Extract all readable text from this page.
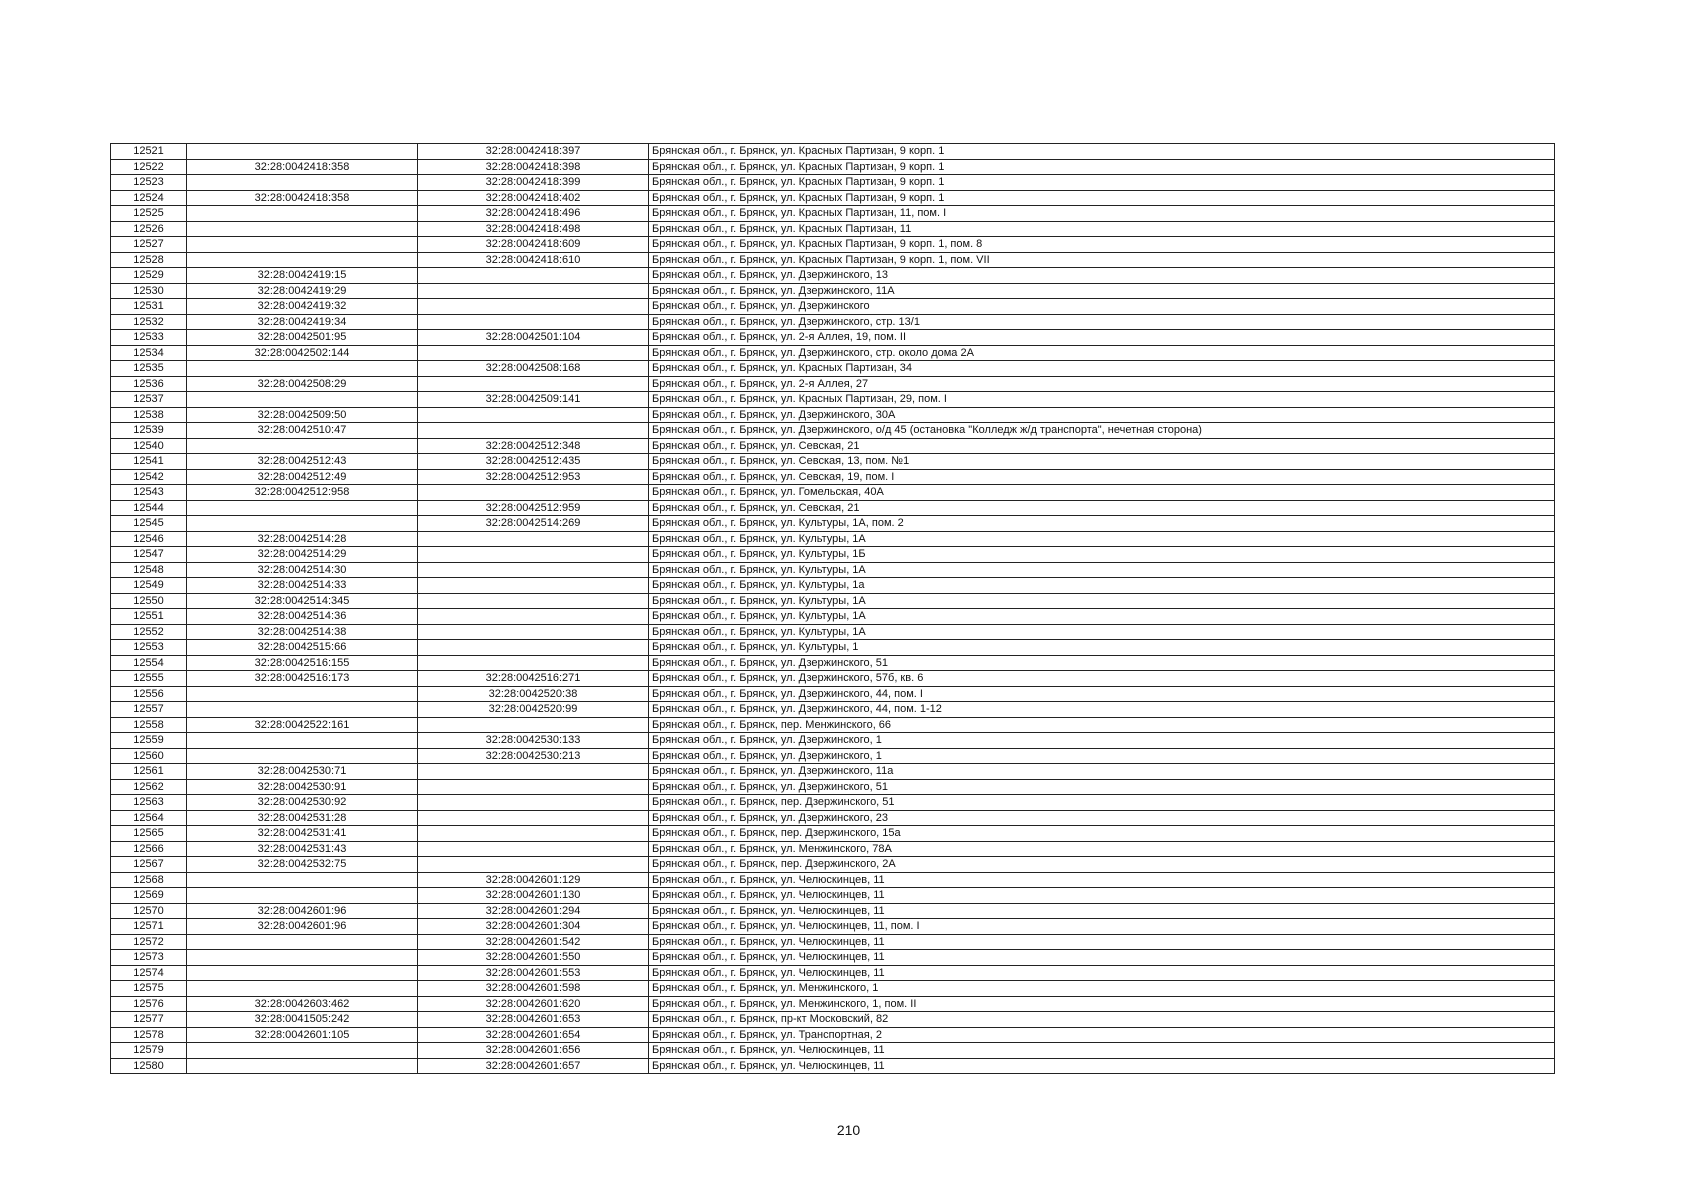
12521		32:28:0042418:397	Брянская обл., г. Брянск, ул. Красных Партизан, 9 корп. 1
12522	32:28:0042418:358	32:28:0042418:398	Брянская обл., г. Брянск, ул. Красных Партизан, 9 корп. 1
12523		32:28:0042418:399	Брянская обл., г. Брянск, ул. Красных Партизан, 9 корп. 1
12524	32:28:0042418:358	32:28:0042418:402	Брянская обл., г. Брянск, ул. Красных Партизан, 9 корп. 1
12525		32:28:0042418:496	Брянская обл., г. Брянск, ул. Красных Партизан, 11, пом. I
12526		32:28:0042418:498	Брянская обл., г. Брянск, ул. Красных Партизан, 11
12527		32:28:0042418:609	Брянская обл., г. Брянск, ул. Красных Партизан, 9 корп. 1, пом. 8
12528		32:28:0042418:610	Брянская обл., г. Брянск, ул. Красных Партизан, 9 корп. 1, пом. VII
12529	32:28:0042419:15		Брянская обл., г. Брянск, ул. Дзержинского, 13
12530	32:28:0042419:29		Брянская обл., г. Брянск, ул. Дзержинского, 11А
12531	32:28:0042419:32		Брянская обл., г. Брянск, ул. Дзержинского
12532	32:28:0042419:34		Брянская обл., г. Брянск, ул. Дзержинского, стр. 13/1
12533	32:28:0042501:95	32:28:0042501:104	Брянская обл., г. Брянск, ул. 2-я Аллея, 19, пом. II
12534	32:28:0042502:144		Брянская обл., г. Брянск, ул. Дзержинского, стр. около дома 2А
12535		32:28:0042508:168	Брянская обл., г. Брянск, ул. Красных Партизан, 34
12536	32:28:0042508:29		Брянская обл., г. Брянск, ул. 2-я Аллея, 27
12537		32:28:0042509:141	Брянская обл., г. Брянск, ул. Красных Партизан, 29, пом. I
12538	32:28:0042509:50		Брянская обл., г. Брянск, ул. Дзержинского, 30А
12539	32:28:0042510:47		Брянская обл., г. Брянск, ул. Дзержинского, о/д 45 (остановка "Колледж ж/д транспорта", нечетная сторона)
12540		32:28:0042512:348	Брянская обл., г. Брянск, ул. Севская, 21
12541	32:28:0042512:43	32:28:0042512:435	Брянская обл., г. Брянск, ул. Севская, 13, пом. №1
12542	32:28:0042512:49	32:28:0042512:953	Брянская обл., г. Брянск, ул. Севская, 19, пом. I
12543	32:28:0042512:958		Брянская обл., г. Брянск, ул. Гомельская, 40А
12544		32:28:0042512:959	Брянская обл., г. Брянск, ул. Севская, 21
12545		32:28:0042514:269	Брянская обл., г. Брянск, ул. Культуры, 1А, пом. 2
12546	32:28:0042514:28		Брянская обл., г. Брянск, ул. Культуры, 1А
12547	32:28:0042514:29		Брянская обл., г. Брянск, ул. Культуры, 1Б
12548	32:28:0042514:30		Брянская обл., г. Брянск, ул. Культуры, 1А
12549	32:28:0042514:33		Брянская обл., г. Брянск, ул. Культуры, 1а
12550	32:28:0042514:345		Брянская обл., г. Брянск, ул. Культуры, 1А
12551	32:28:0042514:36		Брянская обл., г. Брянск, ул. Культуры, 1А
12552	32:28:0042514:38		Брянская обл., г. Брянск, ул. Культуры, 1А
12553	32:28:0042515:66		Брянская обл., г. Брянск, ул. Культуры, 1
12554	32:28:0042516:155		Брянская обл., г. Брянск, ул. Дзержинского, 51
12555	32:28:0042516:173	32:28:0042516:271	Брянская обл., г. Брянск, ул. Дзержинского, 57б, кв. 6
12556		32:28:0042520:38	Брянская обл., г. Брянск, ул. Дзержинского, 44, пом. I
12557		32:28:0042520:99	Брянская обл., г. Брянск, ул. Дзержинского, 44, пом. 1-12
12558	32:28:0042522:161		Брянская обл., г. Брянск, пер. Менжинского, 66
12559		32:28:0042530:133	Брянская обл., г. Брянск, ул. Дзержинского, 1
12560		32:28:0042530:213	Брянская обл., г. Брянск, ул. Дзержинского, 1
12561	32:28:0042530:71		Брянская обл., г. Брянск, ул. Дзержинского, 11а
12562	32:28:0042530:91		Брянская обл., г. Брянск, ул. Дзержинского, 51
12563	32:28:0042530:92		Брянская обл., г. Брянск, пер. Дзержинского, 51
12564	32:28:0042531:28		Брянская обл., г. Брянск, ул. Дзержинского, 23
12565	32:28:0042531:41		Брянская обл., г. Брянск, пер. Дзержинского, 15а
12566	32:28:0042531:43		Брянская обл., г. Брянск, ул. Менжинского, 78А
12567	32:28:0042532:75		Брянская обл., г. Брянск, пер. Дзержинского, 2А
12568		32:28:0042601:129	Брянская обл., г. Брянск, ул. Челюскинцев, 11
12569		32:28:0042601:130	Брянская обл., г. Брянск, ул. Челюскинцев, 11
12570	32:28:0042601:96	32:28:0042601:294	Брянская обл., г. Брянск, ул. Челюскинцев, 11
12571	32:28:0042601:96	32:28:0042601:304	Брянская обл., г. Брянск, ул. Челюскинцев, 11, пом. I
12572		32:28:0042601:542	Брянская обл., г. Брянск, ул. Челюскинцев, 11
12573		32:28:0042601:550	Брянская обл., г. Брянск, ул. Челюскинцев, 11
12574		32:28:0042601:553	Брянская обл., г. Брянск, ул. Челюскинцев, 11
12575		32:28:0042601:598	Брянская обл., г. Брянск, ул. Менжинского, 1
12576	32:28:0042603:462	32:28:0042601:620	Брянская обл., г. Брянск, ул. Менжинского, 1, пом. II
12577	32:28:0041505:242	32:28:0042601:653	Брянская обл., г. Брянск, пр-кт Московский, 82
12578	32:28:0042601:105	32:28:0042601:654	Брянская обл., г. Брянск, ул. Транспортная, 2
12579		32:28:0042601:656	Брянская обл., г. Брянск, ул. Челюскинцев, 11
12580		32:28:0042601:657	Брянская обл., г. Брянск, ул. Челюскинцев, 11
210
